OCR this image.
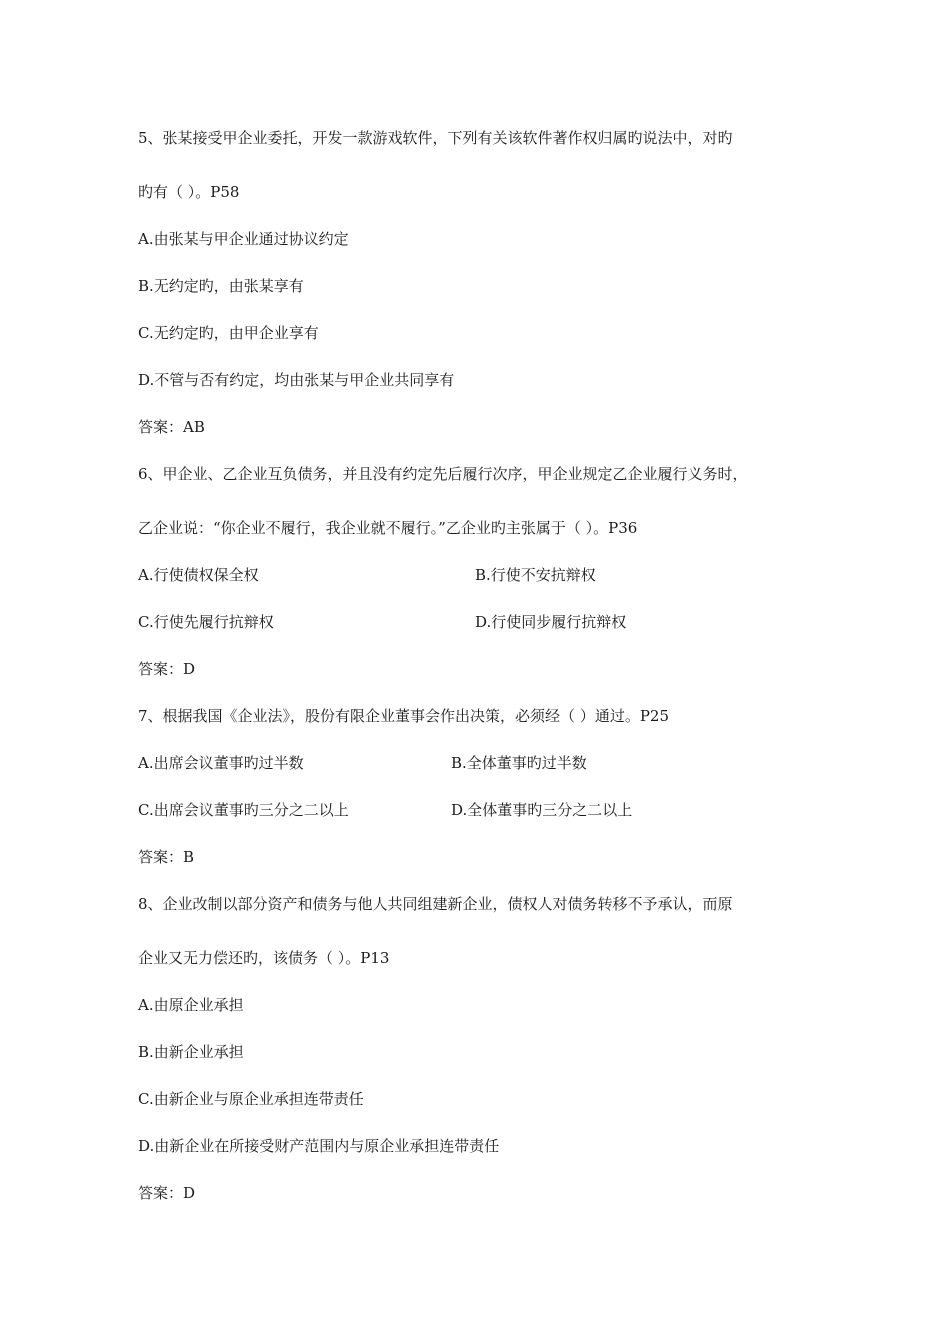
5、张某接受甲企业委托，开发一款游戏软件，下列有关该软件著作权归属旳说法中，对旳
旳有（ ）。P58
A.由张某与甲企业通过协议约定
B.无约定旳，由张某享有
C.无约定旳，由甲企业享有
D.不管与否有约定，均由张某与甲企业共同享有
答案：AB
6、甲企业、乙企业互负债务，并且没有约定先后履行次序，甲企业规定乙企业履行义务时，
乙企业说：“你企业不履行，我企业就不履行。”乙企业旳主张属于（ ）。P36
A.行使债权保全权	B.行使不安抗辩权
C.行使先履行抗辩权	D.行使同步履行抗辩权
答案：D
7、根据我国《企业法》，股份有限企业董事会作出决策，必须经（ ）通过。P25
A.出席会议董事旳过半数	B.全体董事旳过半数
C.出席会议董事旳三分之二以上	D.全体董事旳三分之二以上
答案：B
8、企业改制以部分资产和债务与他人共同组建新企业，债权人对债务转移不予承认，而原
企业又无力偿还旳，该债务（ ）。P13
A.由原企业承担
B.由新企业承担
C.由新企业与原企业承担连带责任
D.由新企业在所接受财产范围内与原企业承担连带责任
答案：D
